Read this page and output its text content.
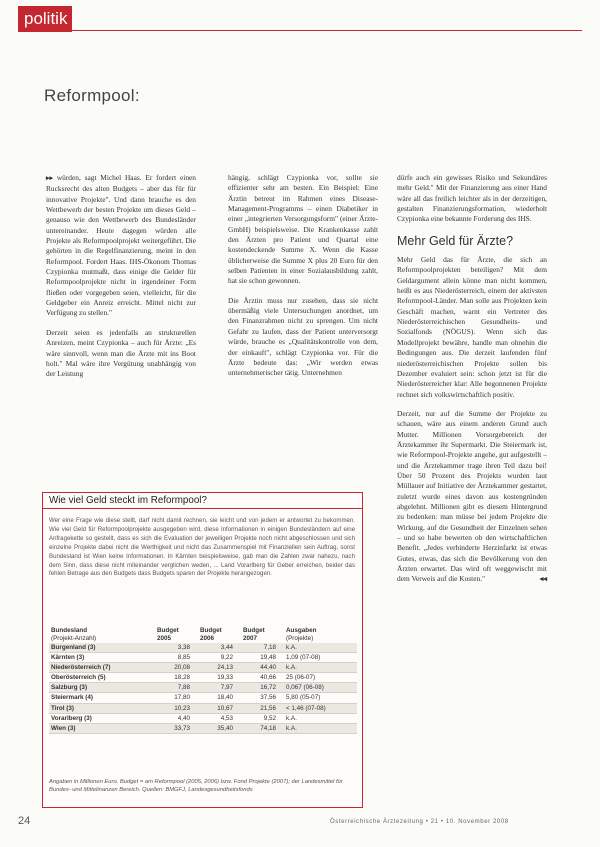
politik
Reformpool:

▸▸ würden, sagt Michel Haas. Er fordert einen Rucksrecht des alten Budgets – aber das für für innovative Projekte". Und dann brauche es den Wettbewerb der besten Projekte um dieses Geld – genauso wie den Wettbewerb des Bundesländer untereinander. Heute dagegen würden alle Projekte als Reformpoolprojekt weitergeführt. Die gehörten in die Regelfinanzierung, meint in den Reformpool. Fordert Haas. IHS-Ökonom Thomas Czypionka mutmaßt, dass einige die Gelder für Reformpoolprojekte nicht in irgendeiner Form fließen oder vorgegeben seien, vielleicht, für die Geldgeber ein Anreiz erreicht. Mittel nicht zur Verfügung zu stellen."

Derzeit seien es jedenfalls an strukturellen Anreizen, meint Czypionka – auch für Ärzte: „Es wäre sinnvoll, wenn man die Ärzte mit ins Boot holt." Mal wäre ihre Vergütung unabhängig von der Leistung

hängig, schlägt Czypionka vor, sollte sie effizienter sehr am besten. Ein Beispiel: Eine Ärztin betreut im Rahmen eines Disease-Management-Programms – einen Diabetiker in einer „integrierten Versorgungsform" (einer Ärzte-GmbH) beispielsweise. Die Krankenkasse zahlt den Ärzten pro Patient und Quartal eine kostendeckende Summe X. Wenn die Kasse üblicherweise die Summe X plus 20 Euro für den selben Patienten in einer Sozialausbildung zahlt, hat sie schon gewonnen.

Die Ärztin muss nur zusehen, dass sie nicht übermäßig viele Untersuchungen anordnet, um den Finanzrahmen nicht zu sprengen. Um nicht Gefahr zu laufen, dass der Patient unterversorgt würde, brauche es „Qualitätskontrolle von dem, der einkauft", schlägt Czypionka vor. Für die Ärzte bedeute das: „Wir werden etwas unternehmerischer tätig. Unternehmen

dürfe auch ein gewisses Risiko und Sekundäres mehr Geld." Mit der Finanzierung aus einer Hand wäre all das freilich leichter als in der derzeitigen, gestalten Finanzierungsformation, wiederholt Czypionka eine bekannte Forderung des IHS.

Mehr Geld für Ärzte?

Mehr Geld das für Ärzte, die sich an Reformpoolprojekten beteiligen? Mit dem Geldargument allein könne man nicht kommen, heißt es aus Niederösterreich, einem der aktivsten Reformpool-Länder. Man solle aus Projekten kein Geschäft machen, warnt ein Vertreter des Niederösterreichischen Gesundheits- und Sozialfonds (NÖGUS). Wenn sich das Modellprojekt bewähre, handle man ohnehin die Bedingungen aus. Die derzeit laufenden fünf niederösterreichischen Projekte sollen bis Dezember evaluiert sein: schon jetzt ist für die Niederösterreicher klar: Alle begonnenen Projekte rechnet sich volkswirtschaftlich positiv.

Derzeit, nur auf die Summe der Projekte zu schauen, wäre aus einem anderen Grund auch Mutter. Millionen Vorsorgebereich der Ärztekammer ihr Supermarkt. Die Steiermark ist, wie Reformpool-Projekte angehe, gut aufgestellt – und die Ärztekammer trage ihren Teil dazu bei! Über 50 Prozent des Projekts wurden laut Müllauer auf Initiative der Ärztekammer gestartet, zuletzt wurde eines davon aus kostengründen abgelehnt. Millionen gibt es diesem Hintergrund zu bedenken: man müsse bei jedem Projekte die Wirkung, auf die Gesundheit der Einzelnen sehen – und so habe bewerten ob den wirtschaftlichen Benefit. „Jedes verhinderte Herzinfarkt ist etwas Gutes, etwas, das sich die Bevölkerung von den Ärzten erwartet. Das wird oft weggewischt mit dem Verweis auf die Kosten."	◂◂

Wie viel Geld steckt im Reformpool?

Wer eine Frage wie diese stellt, darf nicht damit rechnen, sie leicht und von jedem er antwortet zu bekommen. Wie viel Geld für Reformpoolprojekte ausgegeben wird, diese Informationen in einigen Bundesländern auf eine Anfragekette so gestellt, dass es sich die Evaluation der jeweiligen Projekte noch nicht abgeschlossen und sich einzelne Projekte dabei nicht die Werthigkeit und nicht das Zusammenspiel mit Finanziellen sein Auftrag, sonst Bundesland ist Wien keine Informationen. In Kärnten beispielsweise, gab man die Zahlen zwar nahezu, nach dem Sinn, dass diese nicht miteinander verglichen weden, ... Land Vorarlberg für Geber erreichen, beider das fehlen Betrage aus den Budgets dass Budgets sparen der Projekte herangezogen.

Bundesland	Budget	Budget	Budget	Ausgaben
(Projekt-Anzahl)	2005	2006	2007	(Projekte)
Burgenland (3)	3,38	3,44	7,18	k.A.
Kärnten (3)	8,85	9,22	19,48	1,09 (07-08)
Niederösterreich (7)	20,08	24,13	44,40	k.A.
Oberösterreich (5)	18,28	19,33	40,66	25 (06-07)
Salzburg (3)	7,88	7,97	16,72	0,067 (06-08)
Steiermark (4)	17,80	18,40	37,56	5,80 (05-07)
Tirol (3)	10,23	10,67	21,56	< 1,46 (07-08)
Vorarlberg (3)	4,40	4,53	9,52	k.A.
Wien (3)	33,73	35,40	74,18	k.A.

Angaben in Millionen Euro. Budget = am Reformpool (2005, 2006) bzw. Fond Projekte (2007); der Landesmittel für Bundes- und Mittelinanzen Bereich. Quellen: BMGFJ, Landesgesundheitsfonds

24	Österreichische Ärztezeitung • 21 • 10. November 2008
